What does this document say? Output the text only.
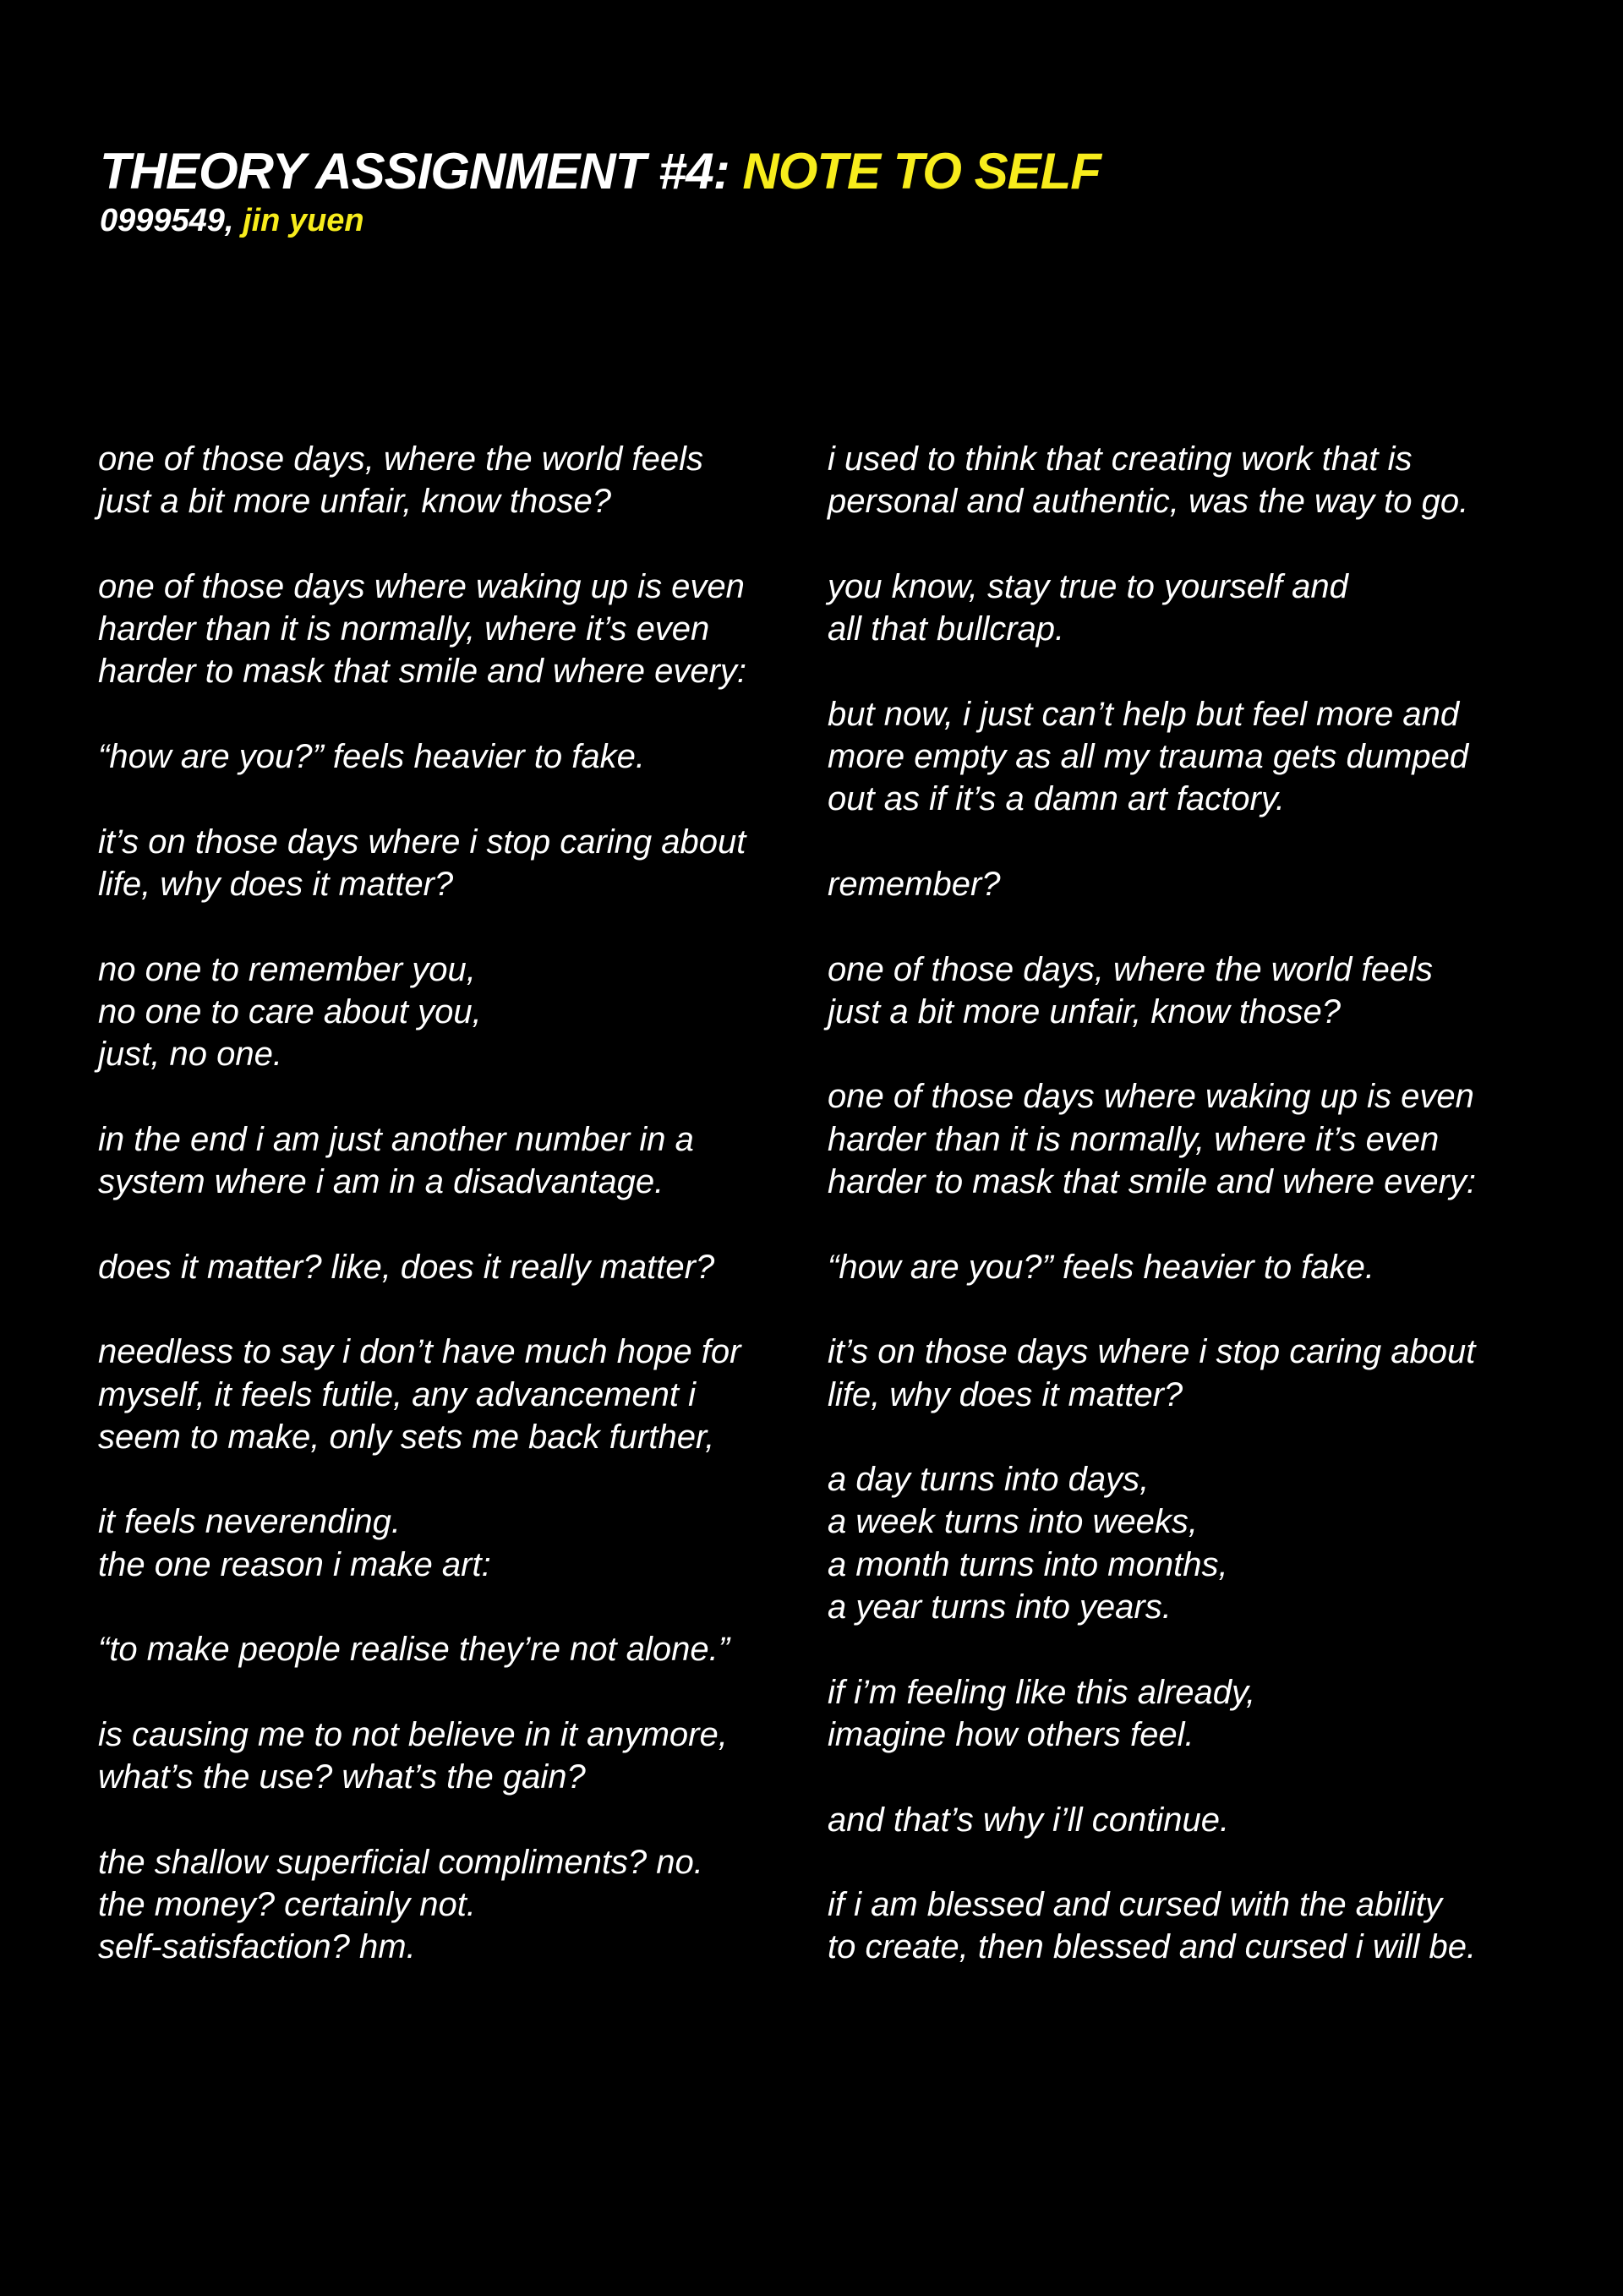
THEORY ASSIGNMENT #4: NOTE TO SELF
0999549, jin yuen
one of those days, where the world feels
just a bit more unfair, know those?
one of those days where waking up is even
harder than it is normally, where it’s even
harder to mask that smile and where every:
“how are you?” feels heavier to fake.
it’s on those days where i stop caring about
life, why does it matter?
no one to remember you,
no one to care about you,
just, no one.
in the end i am just another number in a
system where i am in a disadvantage.
does it matter? like, does it really matter?
needless to say i don’t have much hope for
myself, it feels futile, any advancement i
seem to make, only sets me back further,
it feels neverending.
the one reason i make art:
“to make people realise they’re not alone.”
is causing me to not believe in it anymore,
what’s the use? what’s the gain?
the shallow superficial compliments? no.
the money? certainly not.
self-satisfaction? hm.
i used to think that creating work that is
personal and authentic, was the way to go.
you know, stay true to yourself and
all that bullcrap.
but now, i just can’t help but feel more and
more empty as all my trauma gets dumped
out as if it’s a damn art factory.
remember?
one of those days, where the world feels
just a bit more unfair, know those?
one of those days where waking up is even
harder than it is normally, where it’s even
harder to mask that smile and where every:
“how are you?” feels heavier to fake.
it’s on those days where i stop caring about
life, why does it matter?
a day turns into days,
a week turns into weeks,
a month turns into months,
a year turns into years.
if i’m feeling like this already,
imagine how others feel.
and that’s why i’ll continue.
if i am blessed and cursed with the ability
to create, then blessed and cursed i will be.
